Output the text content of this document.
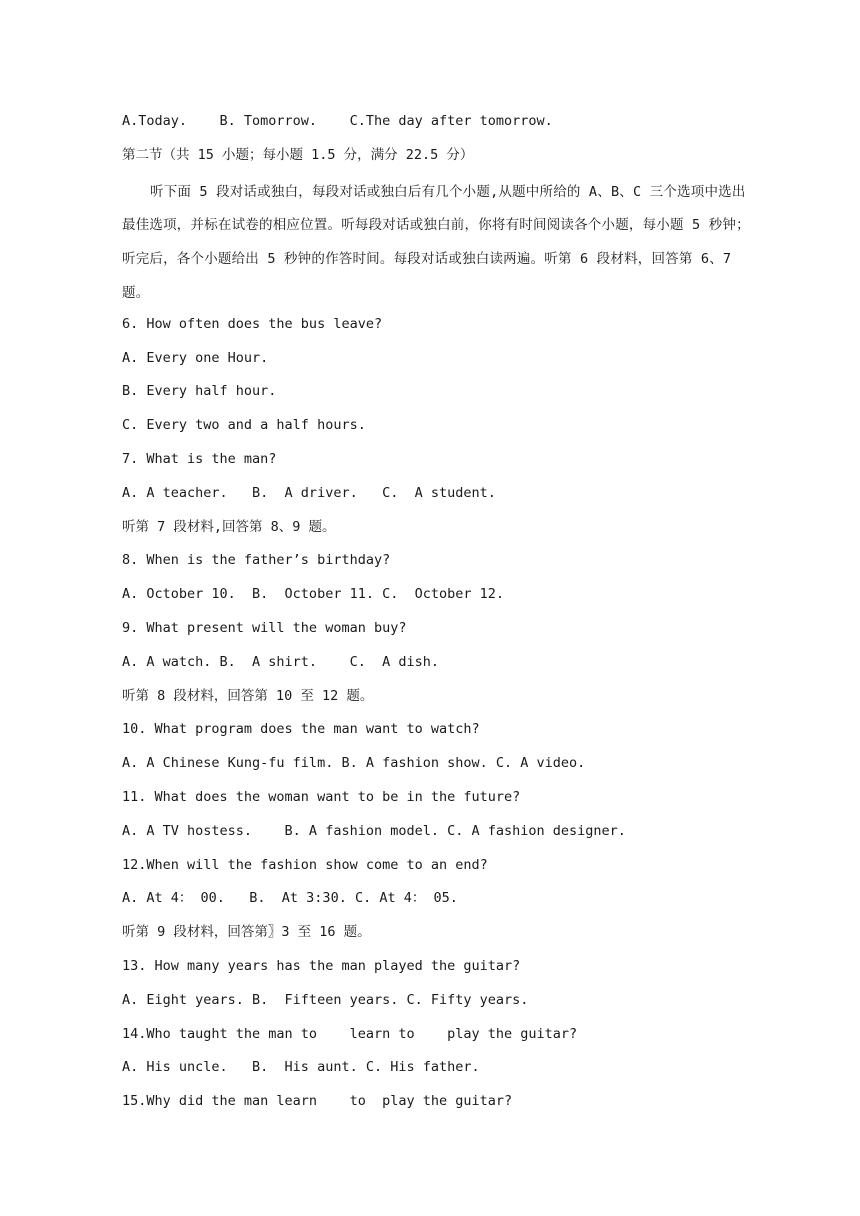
A.Today.    B. Tomorrow.    C.The day after tomorrow.
第二节（共 15 小题；每小题 1.5 分，满分 22.5 分）

听下面 5 段对话或独白，每段对话或独白后有几个小题,从题中所给的 A、B、C 三个选项中选出最佳选项，并标在试卷的相应位置。听每段对话或独白前，你将有时间阅读各个小题，每小题 5 秒钟；听完后，各个小题给出 5 秒钟的作答时间。每段对话或独白读两遍。听第 6 段材料，回答第 6、7 题。

6. How often does the bus leave?
A. Every one Hour.
B. Every half hour.
C. Every two and a half hours.
7. What is the man?
A. A teacher.   B.  A driver.   C.  A student.
听第 7 段材料,回答第 8、9 题。
8. When is the father’s birthday?
A. October 10.  B.  October 11. C.  October 12.
9. What present will the woman buy?
A. A watch. B.  A shirt.    C.  A dish.
听第 8 段材料，回答第 10 至 12 题。
10. What program does the man want to watch?
A. A Chinese Kung-fu film. B. A fashion show. C. A video.
11. What does the woman want to be in the future?
A. A TV hostess.    B. A fashion model. C. A fashion designer.
12.When will the fashion show come to an end?
A. At 4： 00.   B.  At 3:30. C. At 4： 05.
听第 9 段材料，回答第〗3 至 16 题。
13. How many years has the man played the guitar?
A. Eight years. B.  Fifteen years. C. Fifty years.
14.Who taught the man to    learn to    play the guitar?
A. His uncle.   B.  His aunt. C. His father.
15.Why did the man learn    to  play the guitar?
